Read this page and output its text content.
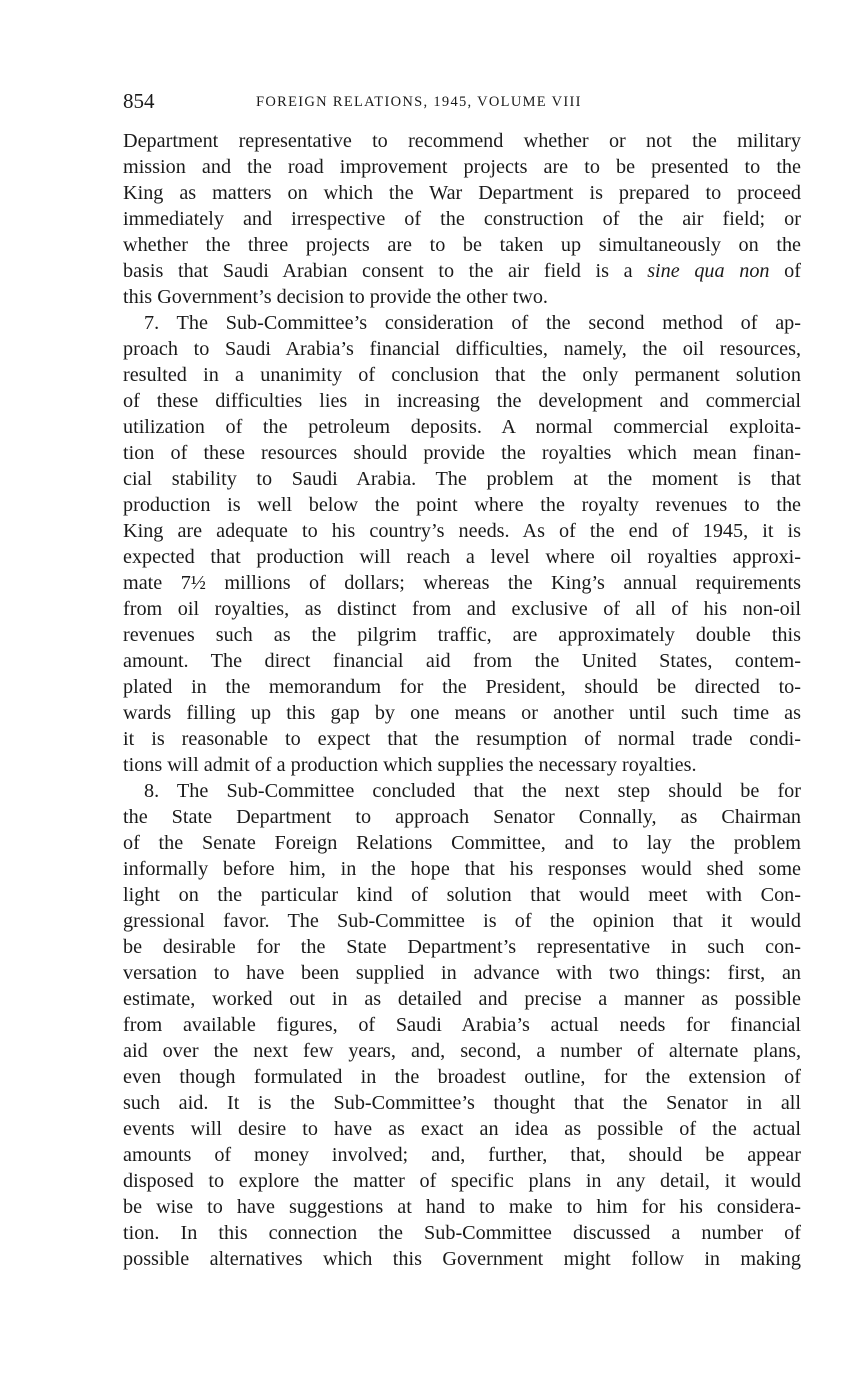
854	FOREIGN RELATIONS, 1945, VOLUME VIII
Department representative to recommend whether or not the military
mission and the road improvement projects are to be presented to the
King as matters on which the War Department is prepared to proceed
immediately and irrespective of the construction of the air field; or
whether the three projects are to be taken up simultaneously on the
basis that Saudi Arabian consent to the air field is a sine qua non of
this Government’s decision to provide the other two.
7. The Sub-Committee’s consideration of the second method of ap-
proach to Saudi Arabia’s financial difficulties, namely, the oil resources,
resulted in a unanimity of conclusion that the only permanent solution
of these difficulties lies in increasing the development and commercial
utilization of the petroleum deposits. A normal commercial exploita-
tion of these resources should provide the royalties which mean finan-
cial stability to Saudi Arabia. The problem at the moment is that
production is well below the point where the royalty revenues to the
King are adequate to his country’s needs. As of the end of 1945, it is
expected that production will reach a level where oil royalties approxi-
mate 7½ millions of dollars; whereas the King’s annual requirements
from oil royalties, as distinct from and exclusive of all of his non-oil
revenues such as the pilgrim traffic, are approximately double this
amount. The direct financial aid from the United States, contem-
plated in the memorandum for the President, should be directed to-
wards filling up this gap by one means or another until such time as
it is reasonable to expect that the resumption of normal trade condi-
tions will admit of a production which supplies the necessary royalties.
8. The Sub-Committee concluded that the next step should be for
the State Department to approach Senator Connally, as Chairman
of the Senate Foreign Relations Committee, and to lay the problem
informally before him, in the hope that his responses would shed some
light on the particular kind of solution that would meet with Con-
gressional favor. The Sub-Committee is of the opinion that it would
be desirable for the State Department’s representative in such con-
versation to have been supplied in advance with two things: first, an
estimate, worked out in as detailed and precise a manner as possible
from available figures, of Saudi Arabia’s actual needs for financial
aid over the next few years, and, second, a number of alternate plans,
even though formulated in the broadest outline, for the extension of
such aid. It is the Sub-Committee’s thought that the Senator in all
events will desire to have as exact an idea as possible of the actual
amounts of money involved; and, further, that, should be appear
disposed to explore the matter of specific plans in any detail, it would
be wise to have suggestions at hand to make to him for his considera-
tion. In this connection the Sub-Committee discussed a number of
possible alternatives which this Government might follow in making
